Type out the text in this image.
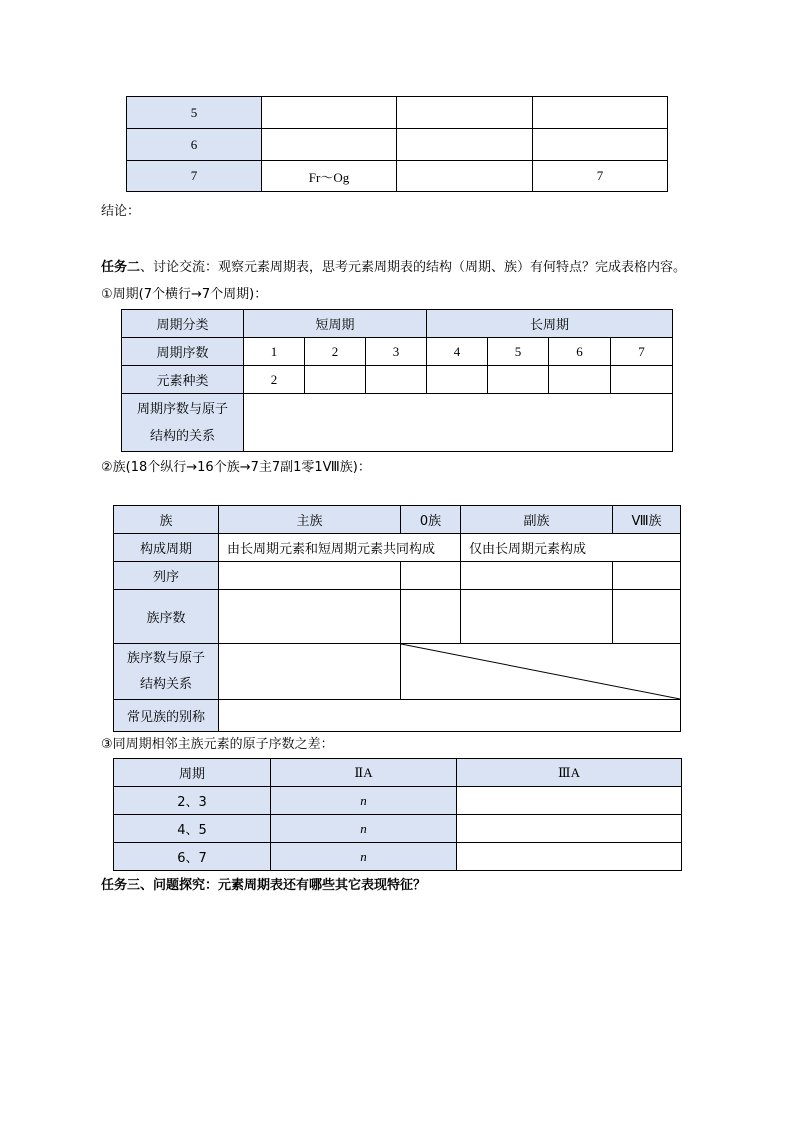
5			
6			
7	Fr～Og		7
结论：
任务二、讨论交流：观察元素周期表，思考元素周期表的结构（周期、族）有何特点？完成表格内容。
①周期(7个横行→7个周期)：
周期分类	短周期			长周期			
周期序数	1	2	3	4	5	6	7
元素种类	2						

周期序数与原子
结构的关系							

②族(18个纵行→16个族→7主7副1零1Ⅷ族)：
族	主族	0族	副族	Ⅷ族
构成周期	由长周期元素和短周期元素共同构成		仅由长周期元素构成	
列序				
族序数				

族序数与原子
结构关系

常见族的别称				
③同周期相邻主族元素的原子序数之差：
周期	ⅡA	ⅢA
2、3	n	
4、5	n	
6、7	n	
任务三、问题探究：元素周期表还有哪些其它表现特征？
